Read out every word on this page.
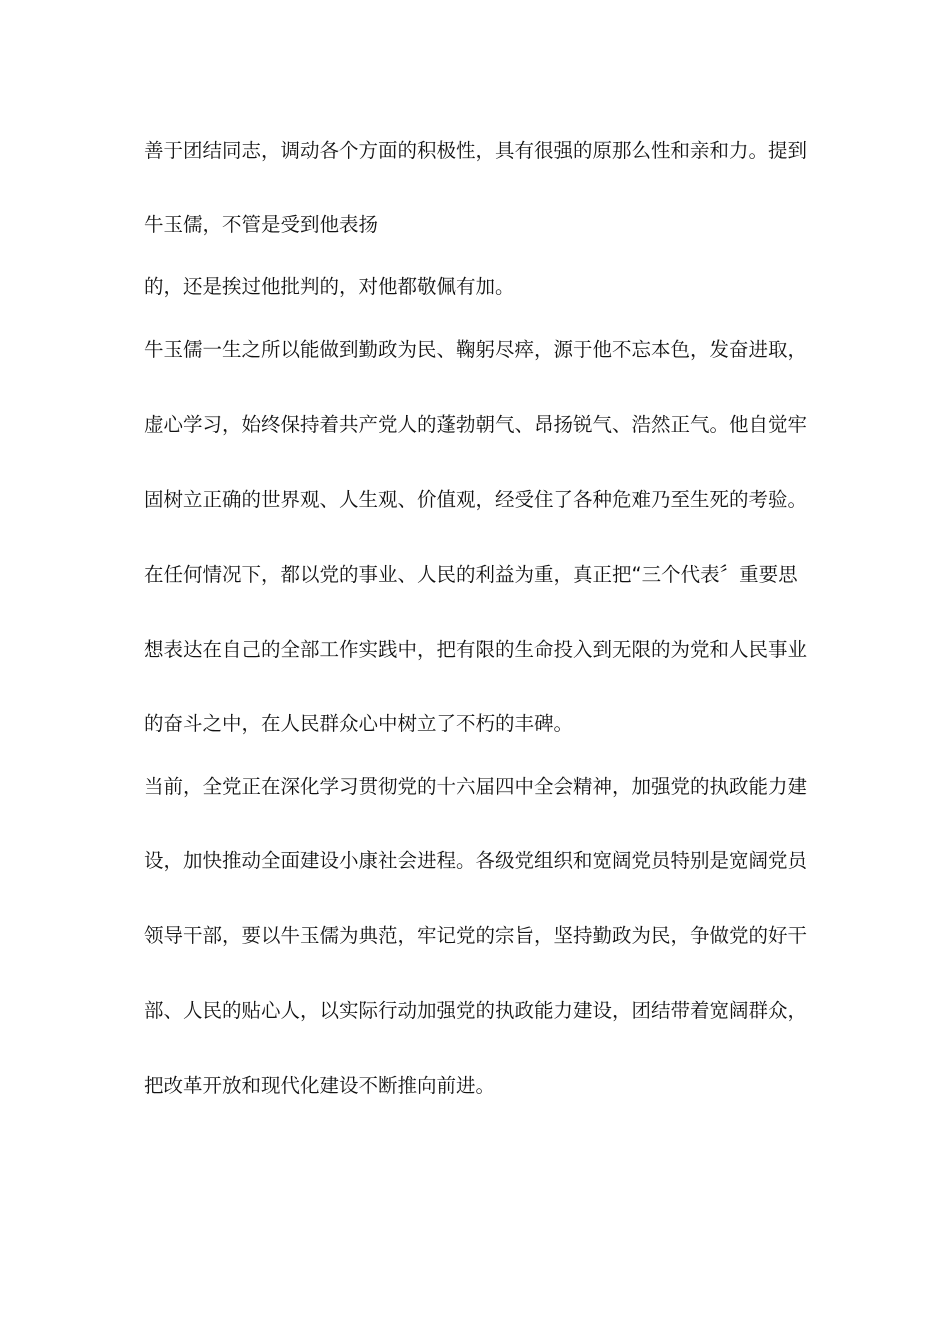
善于团结同志，调动各个方面的积极性，具有很强的原那么性和亲和力。提到
牛玉儒，不管是受到他表扬
的，还是挨过他批判的，对他都敬佩有加。
牛玉儒一生之所以能做到勤政为民、鞠躬尽瘁，源于他不忘本色，发奋进取，
虚心学习，始终保持着共产党人的蓬勃朝气、昂扬锐气、浩然正气。他自觉牢
固树立正确的世界观、人生观、价值观，经受住了各种危难乃至生死的考验。
在任何情况下，都以党的事业、人民的利益为重，真正把“三个代表〞重要思
想表达在自己的全部工作实践中，把有限的生命投入到无限的为党和人民事业
的奋斗之中，在人民群众心中树立了不朽的丰碑。
当前，全党正在深化学习贯彻党的十六届四中全会精神，加强党的执政能力建
设，加快推动全面建设小康社会进程。各级党组织和宽阔党员特别是宽阔党员
领导干部，要以牛玉儒为典范，牢记党的宗旨，坚持勤政为民，争做党的好干
部、人民的贴心人，以实际行动加强党的执政能力建设，团结带着宽阔群众，
把改革开放和现代化建设不断推向前进。
